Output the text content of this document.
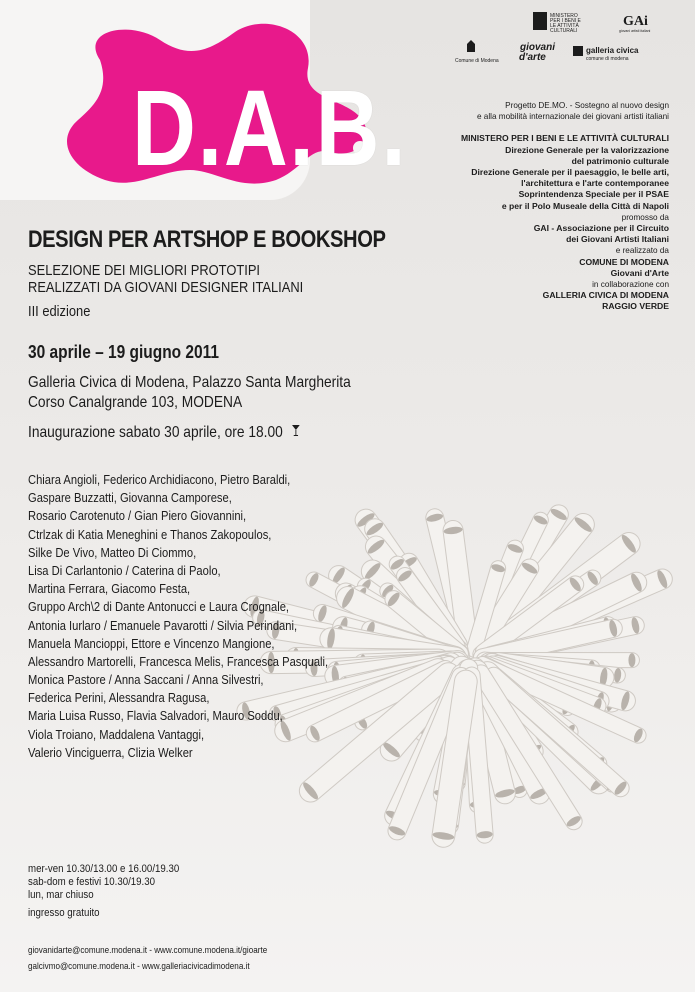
D.A.B.
MINISTERO
PER I BENI E
LE ATTIVITÀ
CULTURALI
GAi
giovani artisti italiani
Comune di Modena
giovani
d'arte
galleria civica
comune di modena
Progetto DE.MO. - Sostegno al nuovo design
e alla mobilità internazionale dei giovani artisti italiani
MINISTERO PER I BENI E LE ATTIVITÀ CULTURALI
Direzione Generale per la valorizzazione
del patrimonio culturale
Direzione Generale per il paesaggio, le belle arti,
l'architettura e l'arte contemporanee
Soprintendenza Speciale per il PSAE
e per il Polo Museale della Città di Napoli
promosso da
GAI - Associazione per il Circuito
dei Giovani Artisti Italiani
e realizzato da
COMUNE DI MODENA
Giovani d'Arte
in collaborazione con
GALLERIA CIVICA DI MODENA
RAGGIO VERDE
DESIGN PER ARTSHOP E BOOKSHOP
SELEZIONE DEI MIGLIORI PROTOTIPI
REALIZZATI DA GIOVANI DESIGNER ITALIANI
III edizione
30 aprile – 19 giugno 2011
Galleria Civica di Modena, Palazzo Santa Margherita
Corso Canalgrande 103, MODENA
Inaugurazione sabato 30 aprile, ore 18.00
Chiara Angioli, Federico Archidiacono, Pietro Baraldi,
Gaspare Buzzatti, Giovanna Camporese,
Rosario Carotenuto / Gian Piero Giovannini,
Ctrlzak di Katia Meneghini e Thanos Zakopoulos,
Silke De Vivo, Matteo Di Ciommo,
Lisa Di Carlantonio / Caterina di Paolo,
Martina Ferrara, Giacomo Festa,
Gruppo Arch\2 di Dante Antonucci e Laura Crognale,
Antonia Iurlaro / Emanuele Pavarotti / Silvia Perindani,
Manuela Mancioppi, Ettore e Vincenzo Mangione,
Alessandro Martorelli, Francesca Melis, Francesca Pasquali,
Monica Pastore / Anna Saccani / Anna Silvestri,
Federica Perini, Alessandra Ragusa,
Maria Luisa Russo, Flavia Salvadori, Mauro Soddu,
Viola Troiano, Maddalena Vantaggi,
Valerio Vinciguerra, Clizia Welker
mer-ven 10.30/13.00 e 16.00/19.30
sab-dom e festivi 10.30/19.30
lun, mar chiuso
ingresso gratuito
giovanidarte@comune.modena.it - www.comune.modena.it/gioarte
galcivmo@comune.modena.it - www.galleriacivicadimodena.it
